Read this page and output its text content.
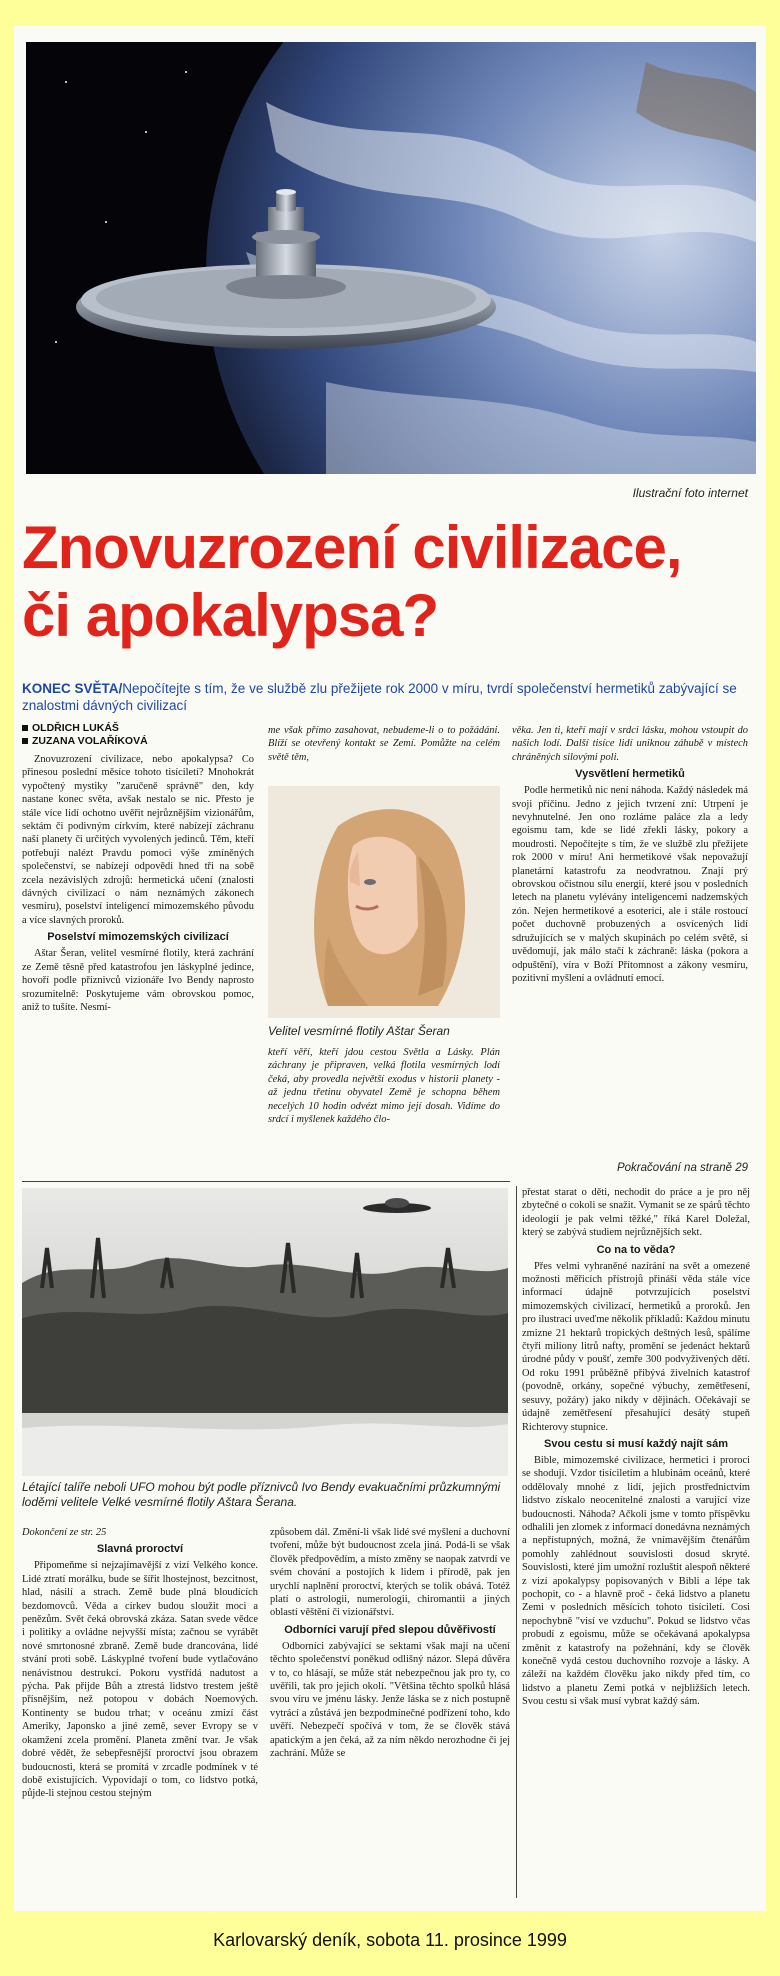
Ilustrační foto internet
Znovuzrození civilizace,
či apokalypsa?
KONEC SVĚTA/Nepočítejte s tím, že ve službě zlu přežijete rok 2000 v míru, tvrdí společenství hermetiků zabývající se znalostmi dávných civilizací
OLDŘICH LUKÁŠ
ZUZANA VOLAŘÍKOVÁ

Znovuzrození civilizace, nebo apokalypsa? Co přinesou poslední měsíce tohoto tisíciletí? Mnohokrát vypočtený mystiky "zaručeně správně" den, kdy nastane konec světa, avšak nestalo se nic. Přesto je stále více lidí ochotno uvěřit nejrůznějším vizionářům, sektám či podivným církvím, které nabízejí záchranu naší planety či určitých vyvolených jedinců. Těm, kteří potřebují nalézt Pravdu pomoci výše zmíněných společenství, se nabízejí odpovědi hned tři na sobě zcela nezávislých zdrojů: hermetická učení (znalosti dávných civilizací o nám neznámých zákonech vesmíru), poselství inteligencí mimozemského původu a více slavných proroků.

Poselství mimozemských civilizací

Aštar Šeran, velitel vesmírné flotily, která zachrání ze Země těsně před katastrofou jen láskyplné jedince, hovoří podle příznivců vizionáře Ivo Bendy naprosto srozumitelně: Poskytujeme vám obrovskou pomoc, aniž to tušíte. Nesmí-

me však přímo zasahovat, nebudeme-li o to požádáni. Blíží se otevřený kontakt se Zemí. Pomůžte na celém světě těm,
Velitel vesmírné flotily Aštar Šeran
kteří věří, kteří jdou cestou Světla a Lásky. Plán záchrany je připraven, velká flotila vesmírných lodí čeká, aby provedla největší exodus v historii planety - až jednu třetinu obyvatel Země je schopna během necelých 10 hodin odvézt mimo její dosah. Vidíme do srdcí i myšlenek každého člo-
věka. Jen ti, kteří mají v srdci lásku, mohou vstoupit do našich lodí. Další tisíce lidí uniknou záhubě v místech chráněných silovými poli.
Vysvětlení hermetiků

Podle hermetiků nic není náhoda. Každý následek má svoji příčinu. Jedno z jejich tvrzení zní: Utrpení je nevyhnutelné. Jen ono rozláme paláce zla a ledy egoismu tam, kde se lidé zřekli lásky, pokory a moudrosti. Nepočítejte s tím, že ve službě zlu přežijete rok 2000 v míru! Ani hermetikové však nepovažují planetární katastrofu za neodvratnou. Znají prý obrovskou očistnou sílu energií, které jsou v posledních letech na planetu vylévány inteligencemi nadzemských zón. Nejen hermetikové a esoterici, ale i stále rostoucí počet duchovně probuzených a osvícených lidí sdružujících se v malých skupinách po celém světě, si uvědomují, jak málo stačí k záchraně: láska (pokora a odpuštění), víra v Boží Přítomnost a zákony vesmíru, pozitivní myšlení a ovládnutí emocí.

Pokračování na straně 29
Létající talíře neboli UFO mohou být podle příznivců Ivo Bendy evakuačními průzkumnými loděmi velitele Velké vesmírné flotily Aštara Šerana.
přestat starat o děti, nechodit do práce a je pro něj zbytečné o cokoli se snažit. Vymanit se ze spárů těchto ideologií je pak velmi těžké," říká Karel Doležal, který se zabývá studiem nejrůznějších sekt.
Co na to věda?

Přes velmi vyhraněné nazírání na svět a omezené možnosti měřicích přístrojů přináší věda stále více informací údajně potvrzujících poselství mimozemských civilizací, hermetiků a proroků. Jen pro ilustraci uveďme několik příkladů: Každou minutu zmizne 21 hektarů tropických deštných lesů, spálíme čtyři miliony litrů nafty, promění se jedenáct hektarů úrodné půdy v poušť, zemře 300 podvyživených dětí. Od roku 1991 průběžně přibývá živelních katastrof (povodně, orkány, sopečné výbuchy, zemětřesení, sesuvy, požáry) jako nikdy v dějinách. Očekávají se údajně zemětřesení přesahující desátý stupeň Richterovy stupnice.

Svou cestu si musí každý najít sám

Bible, mimozemské civilizace, hermetici i proroci se shodují. Vzdor tisíciletím a hlubinám oceánů, které oddělovaly mnohé z lidí, jejich prostřednictvím lidstvo získalo neocenitelné znalosti a varující vize budoucnosti. Náhoda? Ačkoli jsme v tomto příspěvku odhalili jen zlomek z informací donedávna neznámých a nepřístupných, možná, že vnímavějším čtenářům pomohly zahlédnout souvislosti dosud skryté. Souvislosti, které jim umožní rozluštit alespoň některé z vizí apokalypsy popisovaných v Bibli a lépe tak pochopit, co - a hlavně proč - čeká lidstvo a planetu Zemi v posledních měsících tohoto tisíciletí. Cosi nepochybně "visí ve vzduchu". Pokud se lidstvo včas probudí z egoismu, může se očekávaná apokalypsa změnit z katastrofy na požehnání, kdy se člověk konečně vydá cestou duchovního rozvoje a lásky. A záleží na každém člověku jako nikdy před tím, co lidstvo a planetu Zemi potká v nejbližších letech. Svou cestu si však musí vybrat každý sám.

Dokončení ze str. 25
Slavná proroctví

Připomeňme si nejzajímavější z vizí Velkého konce. Lidé ztratí morálku, bude se šířit lhostejnost, bezcitnost, hlad, násilí a strach. Země bude plná bloudících bezdomovců. Věda a církev budou sloužit moci a penězům. Svět čeká obrovská zkáza. Satan svede vědce i politiky a ovládne nejvyšší místa; začnou se vyrábět nové smrtonosné zbraně. Země bude drancována, lidé stvání proti sobě. Láskyplné tvoření bude vytlačováno nenávistnou destrukcí. Pokoru vystřídá nadutost a pýcha. Pak přijde Bůh a ztrestá lidstvo trestem ještě přísnějším, než potopou v dobách Noemových. Kontinenty se budou trhat; v oceánu zmizí část Ameriky, Japonsko a jiné země, sever Evropy se v okamžení zcela promění. Planeta změní tvar. Je však dobré vědět, že sebepřesnější proroctví jsou obrazem budoucnosti, která se promítá v zrcadle podmínek v té době existujících. Vypovídají o tom, co lidstvo potká, půjde-li stejnou cestou stejným

způsobem dál. Změní-li však lidé své myšlení a duchovní tvoření, může být budoucnost zcela jiná. Podá-li se však člověk předpovědím, a místo změny se naopak zatvrdí ve svém chování a postojích k lidem i přírodě, pak jen urychlí naplnění proroctví, kterých se tolik obává. Totéž platí o astrologii, numerologii, chiromantii a jiných oblastí věštění či vizionářství.
Odborníci varují před slepou důvěřivostí

Odborníci zabývající se sektami však mají na učení těchto společenství poněkud odlišný názor. Slepá důvěra v to, co hlásají, se může stát nebezpečnou jak pro ty, co uvěřili, tak pro jejich okolí. "Většina těchto spolků hlásá svou víru ve jménu lásky. Jenže láska se z nich postupně vytrácí a zůstává jen bezpodmínečné podřízení toho, kdo uvěří. Nebezpečí spočívá v tom, že se člověk stává apatickým a jen čeká, až za ním někdo nerozhodne či jej zachrání. Může se

Karlovarský deník, sobota 11. prosince 1999
